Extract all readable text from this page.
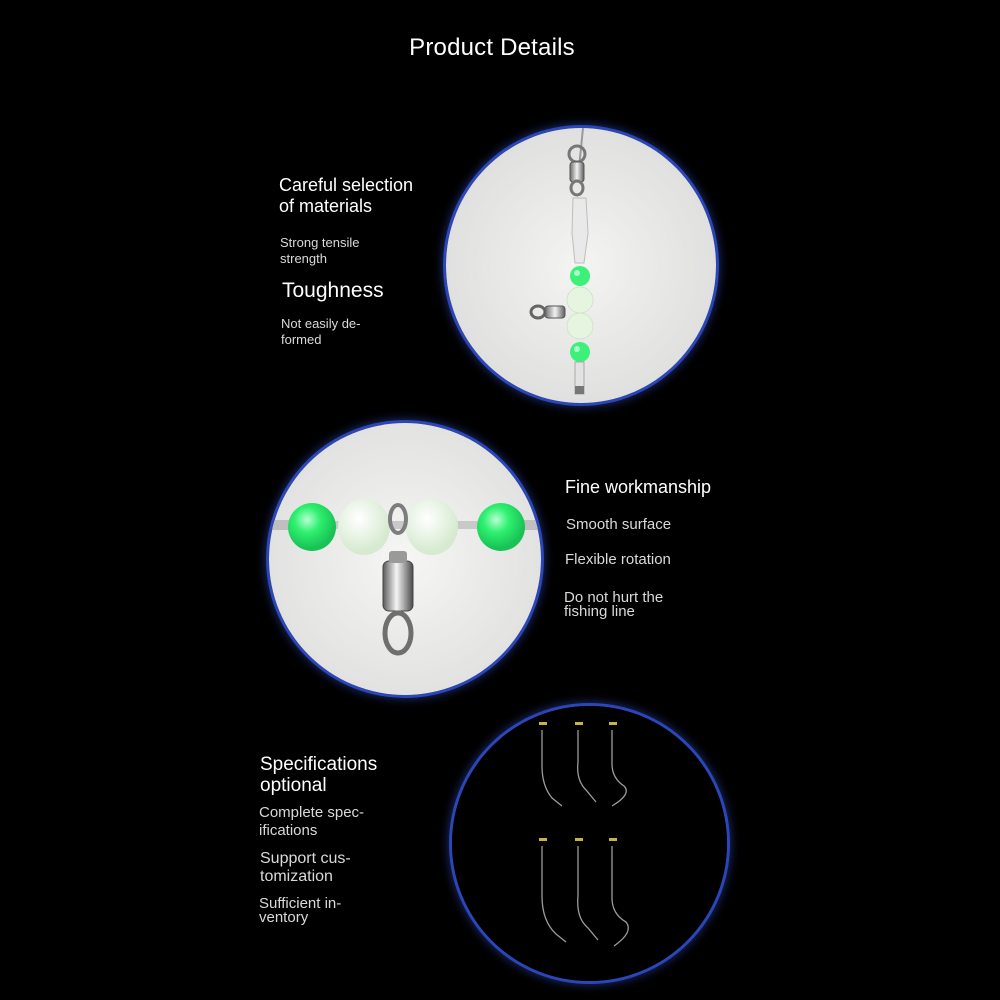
Product Details
Careful selection
of materials
Strong tensile
strength
Toughness
Not easily de-
formed
Fine workmanship
Smooth surface
Flexible rotation
Do not hurt the
fishing line
Specifications optional
Complete spec-
ifications
Support cus-
tomization
Sufficient in-
ventory
